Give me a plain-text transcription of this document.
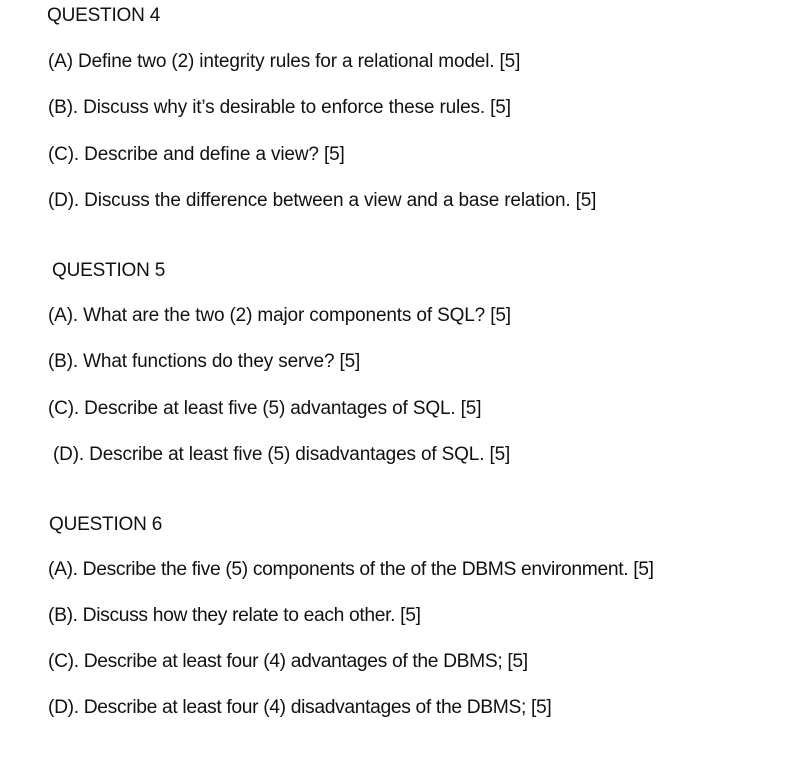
QUESTION 4
(A) Define two (2) integrity rules for a relational model. [5]
(B). Discuss why it’s desirable to enforce these rules. [5]
(C). Describe and define a view? [5]
(D). Discuss the difference between a view and a base relation. [5]
QUESTION 5
(A). What are the two (2) major components of SQL? [5]
(B). What functions do they serve? [5]
(C). Describe at least five (5) advantages of SQL. [5]
(D). Describe at least five (5) disadvantages of SQL. [5]
QUESTION 6
(A). Describe the five (5) components of the of the DBMS environment. [5]
(B). Discuss how they relate to each other. [5]
(C). Describe at least four (4) advantages of the DBMS; [5]
(D). Describe at least four (4) disadvantages of the DBMS; [5]
